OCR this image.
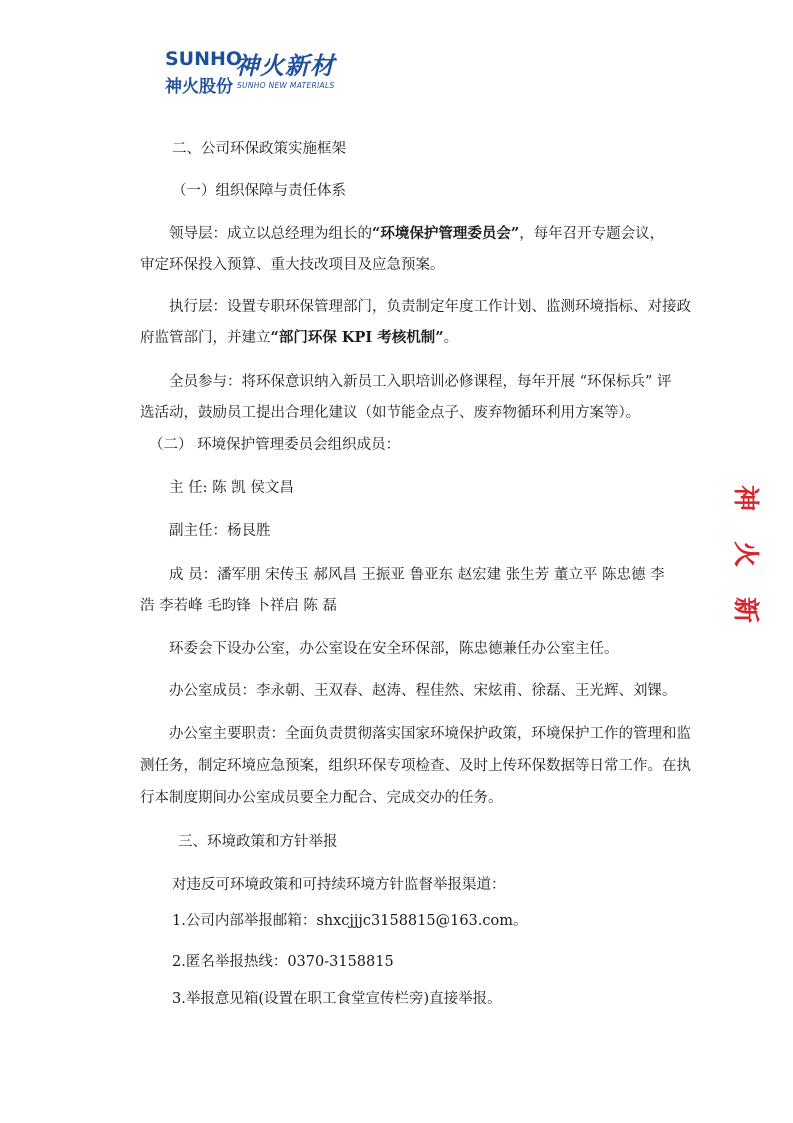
SUNHO
神火新材
神火股份 SUNHO NEW MATERIALS
二、公司环保政策实施框架
（一）组织保障与责任体系
领导层：成立以总经理为组长的“环境保护管理委员会”，每年召开专题会议，
审定环保投入预算、重大技改项目及应急预案。
执行层：设置专职环保管理部门，负责制定年度工作计划、监测环境指标、对接政
府监管部门，并建立“部门环保 KPI 考核机制”。
全员参与：将环保意识纳入新员工入职培训必修课程，每年开展 “环保标兵” 评
选活动，鼓励员工提出合理化建议（如节能金点子、废弃物循环利用方案等）。
（二） 环境保护管理委员会组织成员：
主 任: 陈 凯 侯文昌
副主任：杨艮胜
成 员：潘军朋 宋传玉 郝风昌 王振亚 鲁亚东 赵宏建 张生芳 董立平 陈忠德 李
浩 李若峰 毛昀锋 卜祥启 陈 磊
环委会下设办公室，办公室设在安全环保部，陈忠德兼任办公室主任。
办公室成员：李永朝、王双春、赵涛、程佳然、宋炫甫、徐磊、王光辉、刘锞。
办公室主要职责：全面负责贯彻落实国家环境保护政策，环境保护工作的管理和监
测任务，制定环境应急预案，组织环保专项检查、及时上传环保数据等日常工作。在执
行本制度期间办公室成员要全力配合、完成交办的任务。
三、环境政策和方针举报
对违反可环境政策和可持续环境方针监督举报渠道：
1.公司内部举报邮箱：shxcjjjc3158815@163.com。
2.匿名举报热线：0370-3158815
3.举报意见箱(设置在职工食堂宣传栏旁)直接举报。
神
火
新
